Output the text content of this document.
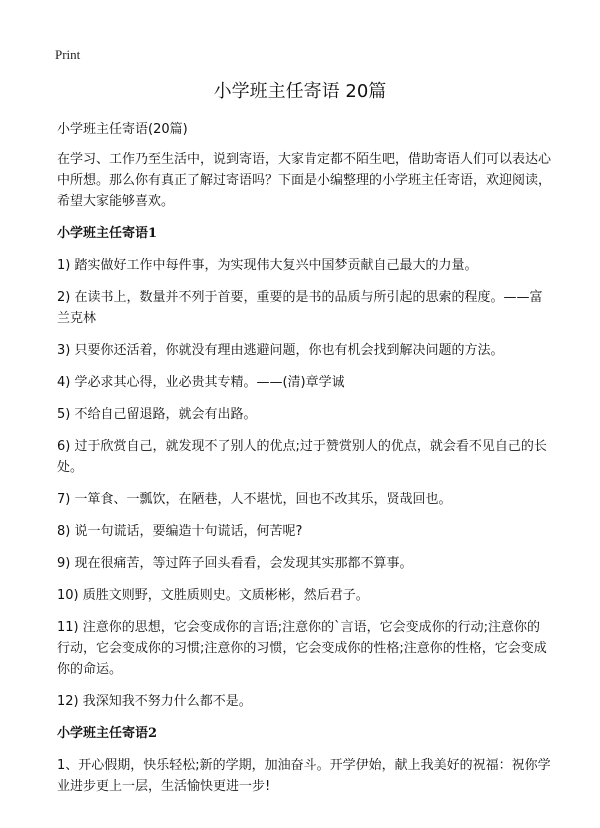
Print
小学班主任寄语 20篇

小学班主任寄语(20篇)

在学习、工作乃至生活中，说到寄语，大家肯定都不陌生吧，借助寄语人们可以表达心中所想。那么你有真正了解过寄语吗？下面是小编整理的小学班主任寄语，欢迎阅读，希望大家能够喜欢。

小学班主任寄语1

1) 踏实做好工作中每件事，为实现伟大复兴中国梦贡献自己最大的力量。

2) 在读书上，数量并不列于首要，重要的是书的品质与所引起的思索的程度。——富兰克林

3) 只要你还活着，你就没有理由逃避问题，你也有机会找到解决问题的方法。

4) 学必求其心得，业必贵其专精。——(清)章学诚

5) 不给自己留退路，就会有出路。

6) 过于欣赏自己，就发现不了别人的优点;过于赞赏别人的优点，就会看不见自己的长处。

7) 一箪食、一瓢饮，在陋巷，人不堪忧，回也不改其乐，贤哉回也。

8) 说一句谎话，要编造十句谎话，何苦呢?

9) 现在很痛苦，等过阵子回头看看，会发现其实那都不算事。

10) 质胜文则野，文胜质则史。文质彬彬，然后君子。

11) 注意你的思想，它会变成你的言语;注意你的`言语，它会变成你的行动;注意你的行动，它会变成你的习惯;注意你的习惯，它会变成你的性格;注意你的性格，它会变成你的命运。

12) 我深知我不努力什么都不是。

小学班主任寄语2

1、开心假期，快乐轻松;新的学期，加油奋斗。开学伊始，献上我美好的祝福：祝你学业进步更上一层，生活愉快更进一步!
